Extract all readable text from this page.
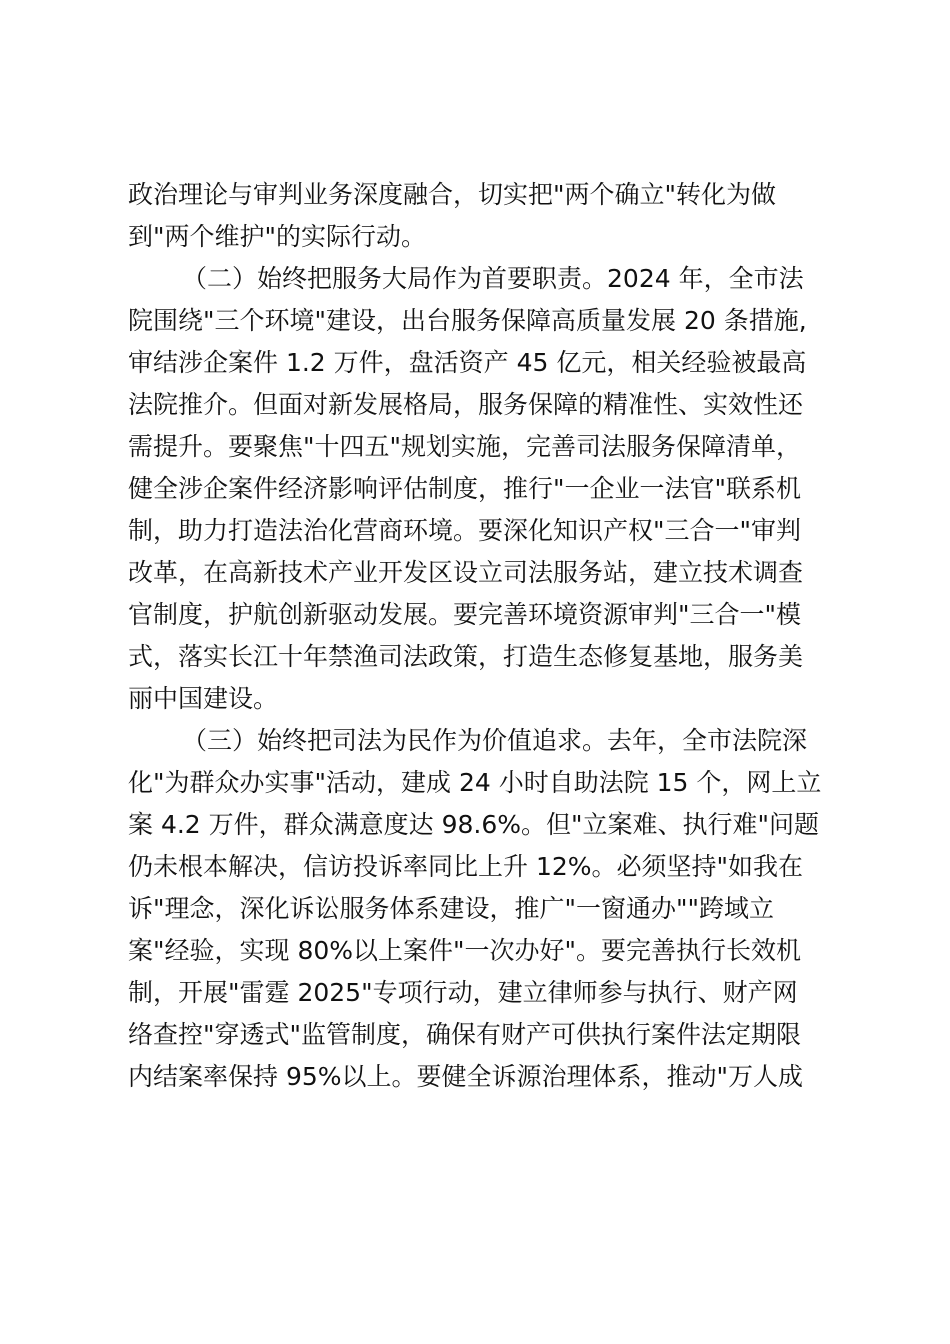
政治理论与审判业务深度融合，切实把"两个确立"转化为做
到"两个维护"的实际行动。
（二）始终把服务大局作为首要职责。2024 年，全市法
院围绕"三个环境"建设，出台服务保障高质量发展 20 条措施,
审结涉企案件 1.2 万件，盘活资产 45 亿元，相关经验被最高
法院推介。但面对新发展格局，服务保障的精准性、实效性还
需提升。要聚焦"十四五"规划实施，完善司法服务保障清单，
健全涉企案件经济影响评估制度，推行"一企业一法官"联系机
制，助力打造法治化营商环境。要深化知识产权"三合一"审判
改革，在高新技术产业开发区设立司法服务站，建立技术调查
官制度，护航创新驱动发展。要完善环境资源审判"三合一"模
式，落实长江十年禁渔司法政策，打造生态修复基地，服务美
丽中国建设。
（三）始终把司法为民作为价值追求。去年，全市法院深
化"为群众办实事"活动，建成 24 小时自助法院 15 个，网上立
案 4.2 万件，群众满意度达 98.6%。但"立案难、执行难"问题
仍未根本解决，信访投诉率同比上升 12%。必须坚持"如我在
诉"理念，深化诉讼服务体系建设，推广"一窗通办""跨域立
案"经验，实现 80%以上案件"一次办好"。要完善执行长效机
制，开展"雷霆 2025"专项行动，建立律师参与执行、财产网
络查控"穿透式"监管制度，确保有财产可供执行案件法定期限
内结案率保持 95%以上。要健全诉源治理体系，推动"万人成
